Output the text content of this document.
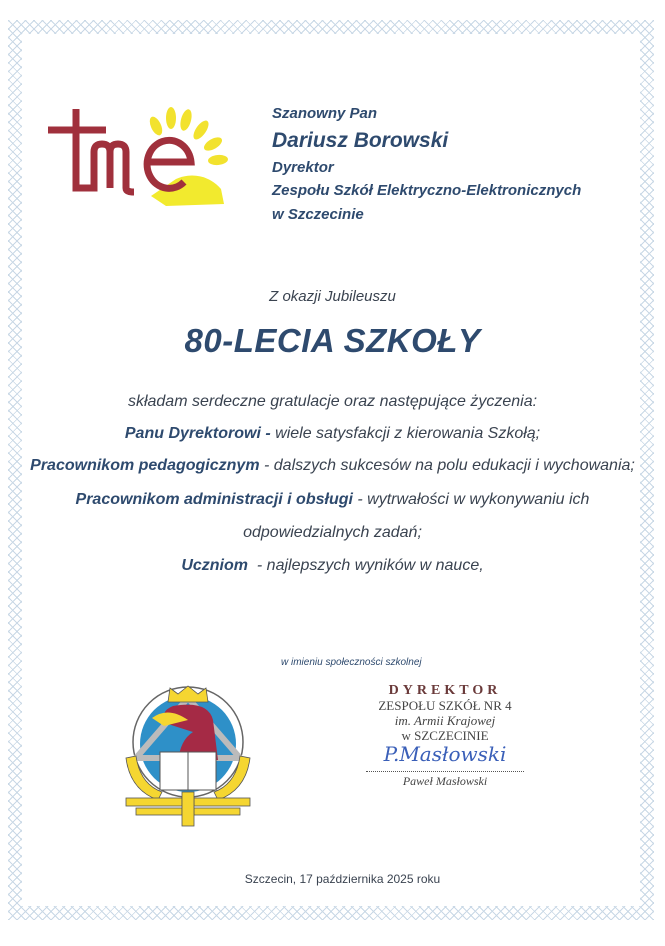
tme
Szanowny Pan
Dariusz Borowski
Dyrektor
Zespołu Szkół Elektryczno-Elektronicznych
w Szczecinie
Z okazji Jubileuszu
80-LECIA SZKOŁY
składam serdeczne gratulacje oraz następujące życzenia:
Panu Dyrektorowi - wiele satysfakcji z kierowania Szkołą;
Pracownikom pedagogicznym - dalszych sukcesów na polu edukacji i wychowania;
Pracownikom administracji i obsługi - wytrwałości w wykonywaniu ich
odpowiedzialnych zadań;
Uczniom  - najlepszych wyników w nauce,
w imieniu społeczności szkolnej
DYREKTOR
ZESPOŁU SZKÓŁ NR 4
im. Armii Krajowej
w SZCZECINIE
P.Masłowski
Paweł Masłowski
Szczecin, 17 października 2025 roku
